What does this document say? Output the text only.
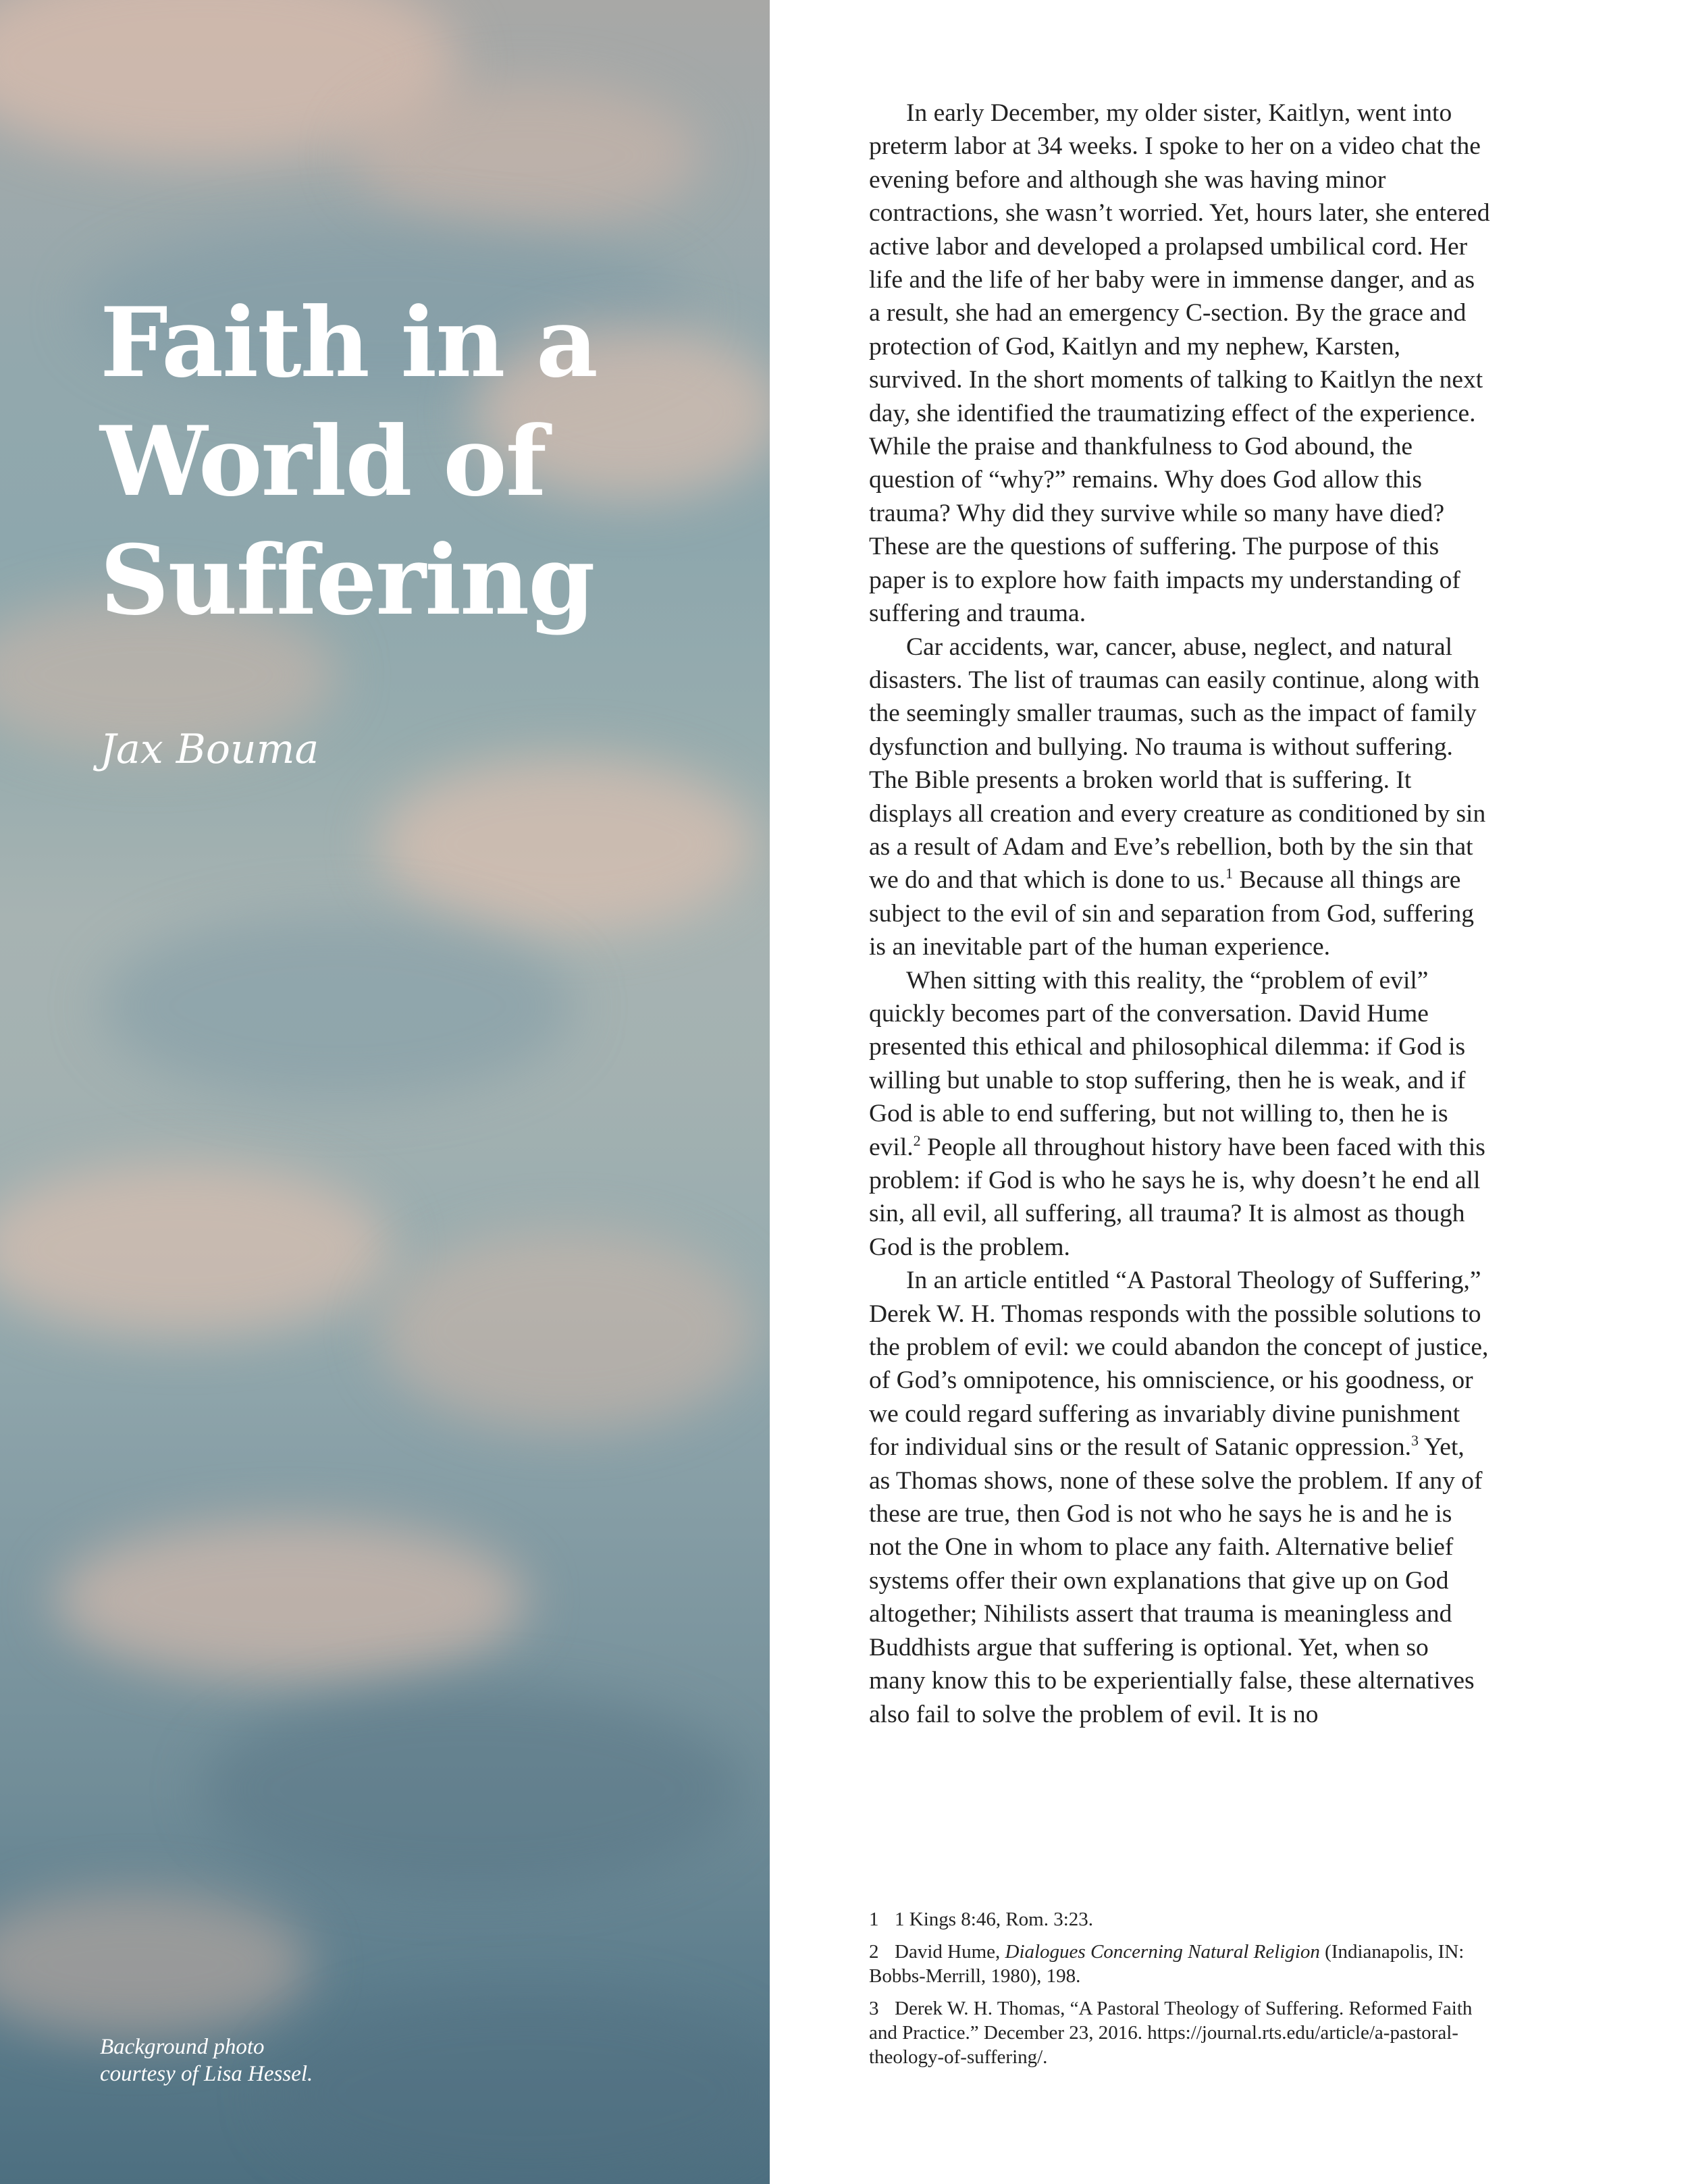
Faith in a World of Suffering
Jax Bouma
Background photo
courtesy of Lisa Hessel.

In early December, my older sister, Kaitlyn, went into preterm labor at 34 weeks. I spoke to her on a video chat the evening before and although she was having minor contractions, she wasn’t worried. Yet, hours later, she entered active labor and developed a prolapsed umbilical cord. Her life and the life of her baby were in immense danger, and as a result, she had an emergency C-section. By the grace and protection of God, Kaitlyn and my nephew, Karsten, survived. In the short moments of talking to Kaitlyn the next day, she identified the traumatizing effect of the experience. While the praise and thankfulness to God abound, the question of “why?” remains. Why does God allow this trauma? Why did they survive while so many have died? These are the questions of suffering. The purpose of this paper is to explore how faith impacts my understanding of suffering and trauma.

Car accidents, war, cancer, abuse, neglect, and natural disasters. The list of traumas can easily continue, along with the seemingly smaller traumas, such as the impact of family dysfunction and bullying. No trauma is without suffering. The Bible presents a broken world that is suffering. It displays all creation and every creature as conditioned by sin as a result of Adam and Eve’s rebellion, both by the sin that we do and that which is done to us.$^1$ Because all things are subject to the evil of sin and separation from God, suffering is an inevitable part of the human experience.

When sitting with this reality, the “problem of evil” quickly becomes part of the conversation. David Hume presented this ethical and philosophical dilemma: if God is willing but unable to stop suffering, then he is weak, and if God is able to end suffering, but not willing to, then he is evil.$^2$ People all throughout history have been faced with this problem: if God is who he says he is, why doesn’t he end all sin, all evil, all suffering, all trauma? It is almost as though God is the problem.

In an article entitled “A Pastoral Theology of Suffering,” Derek W. H. Thomas responds with the possible solutions to the problem of evil: we could abandon the concept of justice, of God’s omnipotence, his omniscience, or his goodness, or we could regard suffering as invariably divine punishment for individual sins or the result of Satanic oppression.$^3$ Yet, as Thomas shows, none of these solve the problem. If any of these are true, then God is not who he says he is and he is not the One in whom to place any faith. Alternative belief systems offer their own explanations that give up on God altogether; Nihilists assert that trauma is meaningless and Buddhists argue that suffering is optional. Yet, when so many know this to be experientially false, these alternatives also fail to solve the problem of evil. It is no

1 1 Kings 8:46, Rom. 3:23.

2 David Hume, Dialogues Concerning Natural Religion (Indianapolis, IN: Bobbs-Merrill, 1980), 198.

3 Derek W. H. Thomas, “A Pastoral Theology of Suffering. Reformed Faith and Practice.” December 23, 2016. https://journal.rts.edu/article/a-pastoral-theology-of-suffering/.
